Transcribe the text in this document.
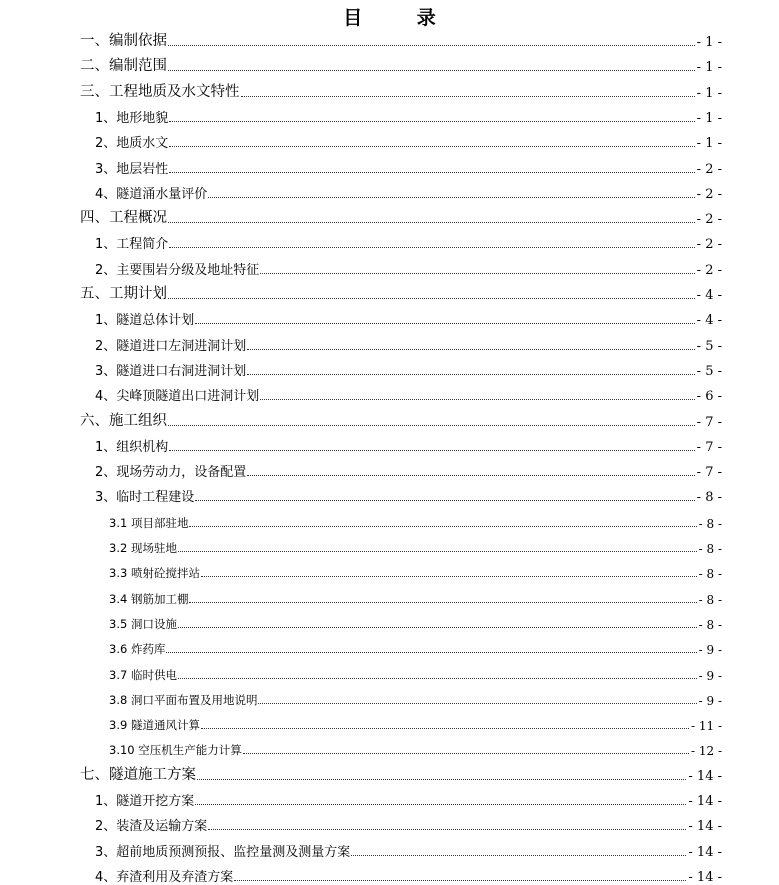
目 录
一、编制依据	- 1 -
二、编制范围	- 1 -
三、工程地质及水文特性	- 1 -
1、地形地貌	- 1 -
2、地质水文	- 1 -
3、地层岩性	- 2 -
4、隧道涌水量评价	- 2 -
四、工程概况	- 2 -
1、工程简介	- 2 -
2、主要围岩分级及地址特征	- 2 -
五、工期计划	- 4 -
1、隧道总体计划	- 4 -
2、隧道进口左洞进洞计划	- 5 -
3、隧道进口右洞进洞计划	- 5 -
4、尖峰顶隧道出口进洞计划	- 6 -
六、施工组织	- 7 -
1、组织机构	- 7 -
2、现场劳动力，设备配置	- 7 -
3、临时工程建设	- 8 -
3.1 项目部驻地	- 8 -
3.2 现场驻地	- 8 -
3.3 喷射砼搅拌站	- 8 -
3.4 钢筋加工棚	- 8 -
3.5 洞口设施	- 8 -
3.6 炸药库	- 9 -
3.7 临时供电	- 9 -
3.8 洞口平面布置及用地说明	- 9 -
3.9 隧道通风计算	- 11 -
3.10 空压机生产能力计算	- 12 -
七、隧道施工方案	- 14 -
1、隧道开挖方案	- 14 -
2、装渣及运输方案	- 14 -
3、超前地质预测预报、监控量测及测量方案	- 14 -
4、弃渣利用及弃渣方案	- 14 -
